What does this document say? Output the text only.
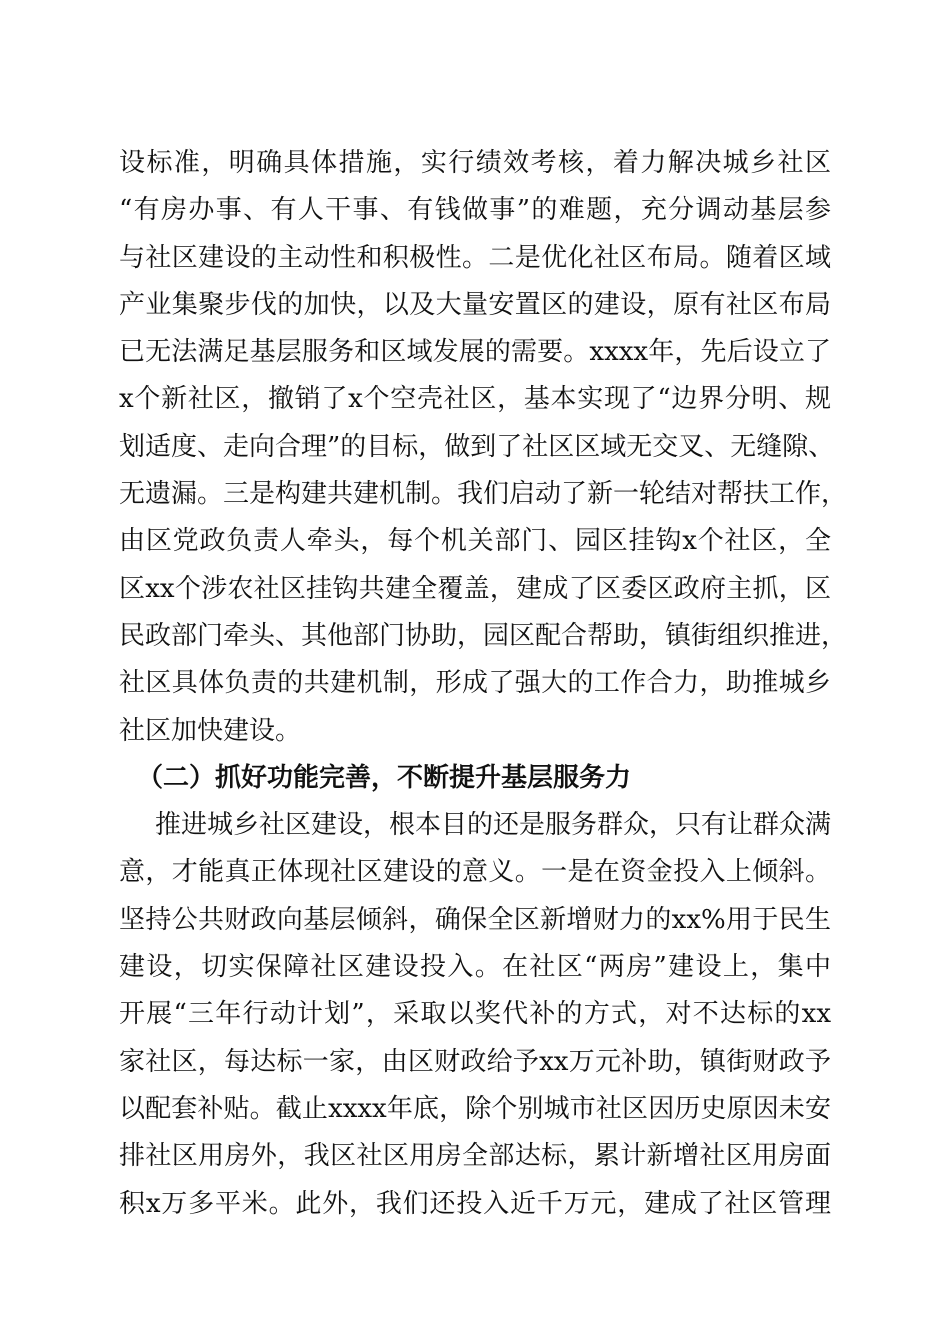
设标准，明确具体措施，实行绩效考核，着力解决城乡社区
“有房办事、有人干事、有钱做事”的难题，充分调动基层参
与社区建设的主动性和积极性。二是优化社区布局。随着区域
产业集聚步伐的加快，以及大量安置区的建设，原有社区布局
已无法满足基层服务和区域发展的需要。xxxx年，先后设立了
x个新社区，撤销了x个空壳社区，基本实现了“边界分明、规
划适度、走向合理”的目标，做到了社区区域无交叉、无缝隙、
无遗漏。三是构建共建机制。我们启动了新一轮结对帮扶工作，
由区党政负责人牵头，每个机关部门、园区挂钩x个社区，全
区xx个涉农社区挂钩共建全覆盖，建成了区委区政府主抓，区
民政部门牵头、其他部门协助，园区配合帮助，镇街组织推进，
社区具体负责的共建机制，形成了强大的工作合力，助推城乡
社区加快建设。
（二）抓好功能完善，不断提升基层服务力
推进城乡社区建设，根本目的还是服务群众，只有让群众满
意，才能真正体现社区建设的意义。一是在资金投入上倾斜。
坚持公共财政向基层倾斜，确保全区新增财力的xx%用于民生
建设，切实保障社区建设投入。在社区“两房”建设上，集中
开展“三年行动计划”，采取以奖代补的方式，对不达标的xx
家社区，每达标一家，由区财政给予xx万元补助，镇街财政予
以配套补贴。截止xxxx年底，除个别城市社区因历史原因未安
排社区用房外，我区社区用房全部达标，累计新增社区用房面
积x万多平米。此外，我们还投入近千万元，建成了社区管理
